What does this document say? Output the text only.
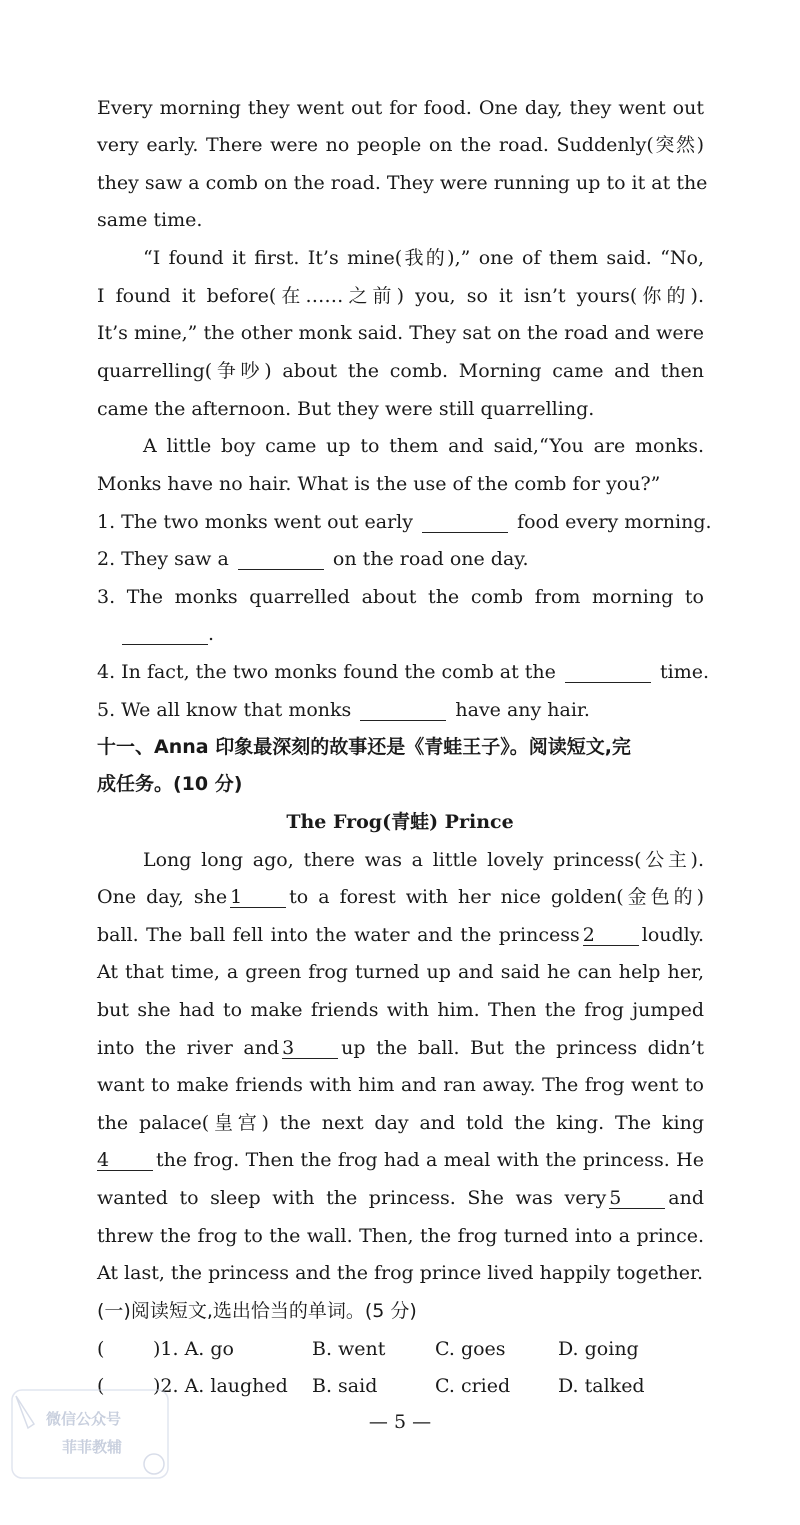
Every morning they went out for food. One day, they went out
very early. There were no people on the road. Suddenly(突然)
they saw a comb on the road. They were running up to it at the
same time.
“I found it first. It’s mine(我的),” one of them said. “No,
I found it before(在……之前) you, so it isn’t yours(你的).
It’s mine,” the other monk said. They sat on the road and were
quarrelling(争吵) about the comb. Morning came and then
came the afternoon. But they were still quarrelling.
A little boy came up to them and said,“You are monks.
Monks have no hair. What is the use of the comb for you?”
1. The two monks went out early	food every morning.
2. They saw a	on the road one day.
3. The monks quarrelled about the comb from morning to
.
4. In fact, the two monks found the comb at the	time.
5. We all know that monks	have any hair.
十一、Anna 印象最深刻的故事还是《青蛙王子》。阅读短文,完
成任务。(10 分)
The Frog(青蛙) Prince
Long long ago, there was a little lovely princess(公主).
One day, she 1 to a forest with her nice golden(金色的)
ball. The ball fell into the water and the princess 2 loudly.
At that time, a green frog turned up and said he can help her,
but she had to make friends with him. Then the frog jumped
into the river and 3 up the ball. But the princess didn’t
want to make friends with him and ran away. The frog went to
the palace(皇宫) the next day and told the king. The king
4 the frog. Then the frog had a meal with the princess. He
wanted to sleep with the princess. She was very 5 and
threw the frog to the wall. Then, the frog turned into a prince.
At last, the princess and the frog prince lived happily together.
(一)阅读短文,选出恰当的单词。(5 分)
(	)1. A. go	B. went	C. goes	D. going
(	)2. A. laughed B. said	C. cried	D. talked
— 5 —
微信公众号
菲菲教辅
